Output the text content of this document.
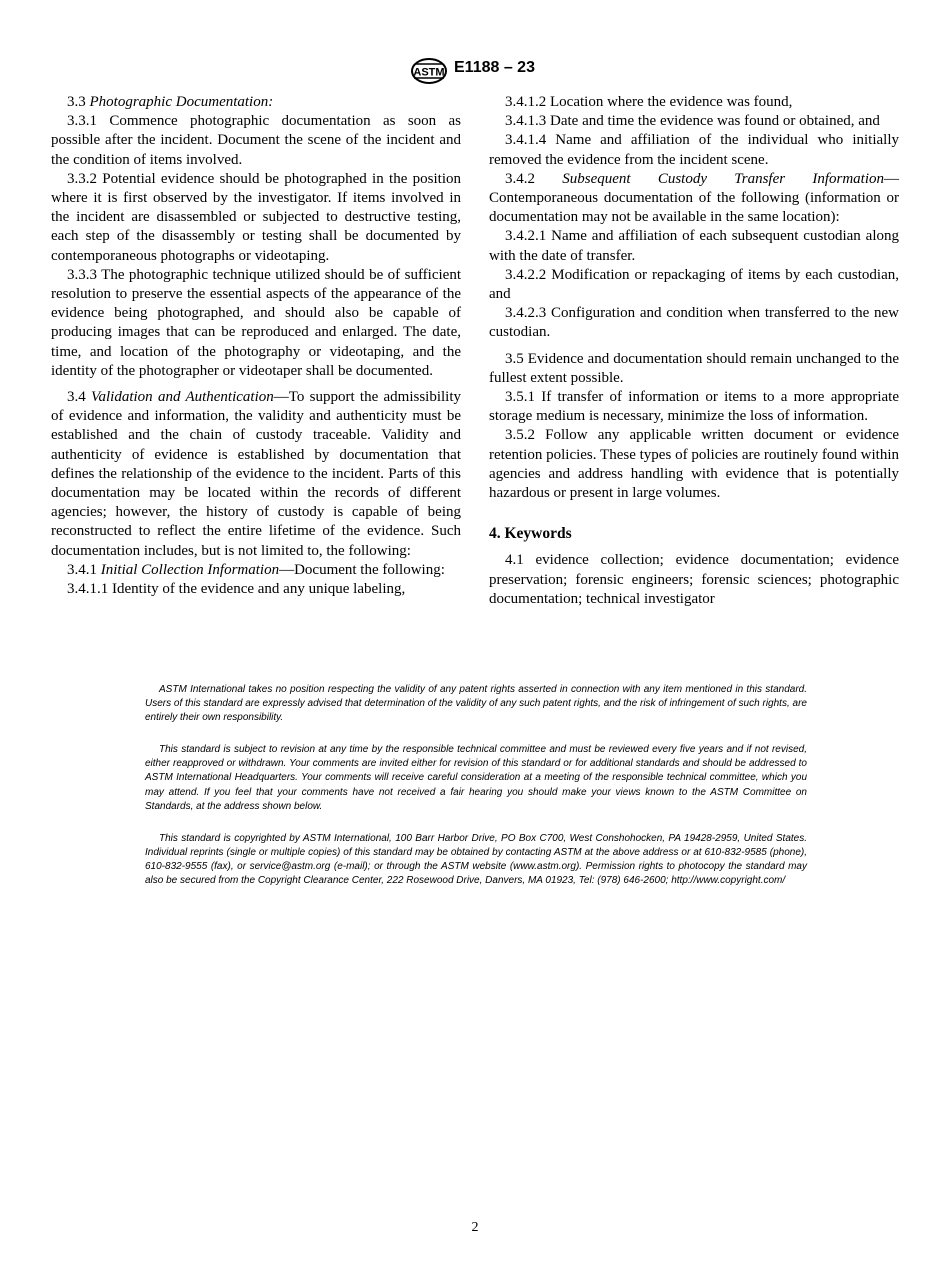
ASTM E1188 – 23

3.3 Photographic Documentation:

3.3.1 Commence photographic documentation as soon as possible after the incident. Document the scene of the incident and the condition of items involved.

3.3.2 Potential evidence should be photographed in the position where it is first observed by the investigator. If items involved in the incident are disassembled or subjected to destructive testing, each step of the disassembly or testing shall be documented by contemporaneous photographs or videotaping.

3.3.3 The photographic technique utilized should be of sufficient resolution to preserve the essential aspects of the appearance of the evidence being photographed, and should also be capable of producing images that can be reproduced and enlarged. The date, time, and location of the photography or videotaping, and the identity of the photographer or videotaper shall be documented.

3.4 Validation and Authentication—To support the admissibility of evidence and information, the validity and authenticity must be established and the chain of custody traceable. Validity and authenticity of evidence is established by documentation that defines the relationship of the evidence to the incident. Parts of this documentation may be located within the records of different agencies; however, the history of custody is capable of being reconstructed to reflect the entire lifetime of the evidence. Such documentation includes, but is not limited to, the following:

3.4.1 Initial Collection Information—Document the following:

3.4.1.1 Identity of the evidence and any unique labeling,

3.4.1.2 Location where the evidence was found,

3.4.1.3 Date and time the evidence was found or obtained, and

3.4.1.4 Name and affiliation of the individual who initially removed the evidence from the incident scene.

3.4.2 Subsequent Custody Transfer Information—Contemporaneous documentation of the following (information or documentation may not be available in the same location):

3.4.2.1 Name and affiliation of each subsequent custodian along with the date of transfer.

3.4.2.2 Modification or repackaging of items by each custodian, and

3.4.2.3 Configuration and condition when transferred to the new custodian.

3.5 Evidence and documentation should remain unchanged to the fullest extent possible.

3.5.1 If transfer of information or items to a more appropriate storage medium is necessary, minimize the loss of information.

3.5.2 Follow any applicable written document or evidence retention policies. These types of policies are routinely found within agencies and address handling with evidence that is potentially hazardous or present in large volumes.

4. Keywords

4.1 evidence collection; evidence documentation; evidence preservation; forensic engineers; forensic sciences; photographic documentation; technical investigator

ASTM International takes no position respecting the validity of any patent rights asserted in connection with any item mentioned in this standard. Users of this standard are expressly advised that determination of the validity of any such patent rights, and the risk of infringement of such rights, are entirely their own responsibility.

This standard is subject to revision at any time by the responsible technical committee and must be reviewed every five years and if not revised, either reapproved or withdrawn. Your comments are invited either for revision of this standard or for additional standards and should be addressed to ASTM International Headquarters. Your comments will receive careful consideration at a meeting of the responsible technical committee, which you may attend. If you feel that your comments have not received a fair hearing you should make your views known to the ASTM Committee on Standards, at the address shown below.

This standard is copyrighted by ASTM International, 100 Barr Harbor Drive, PO Box C700, West Conshohocken, PA 19428-2959, United States. Individual reprints (single or multiple copies) of this standard may be obtained by contacting ASTM at the above address or at 610-832-9585 (phone), 610-832-9555 (fax), or service@astm.org (e-mail); or through the ASTM website (www.astm.org). Permission rights to photocopy the standard may also be secured from the Copyright Clearance Center, 222 Rosewood Drive, Danvers, MA 01923, Tel: (978) 646-2600; http://www.copyright.com/

2
